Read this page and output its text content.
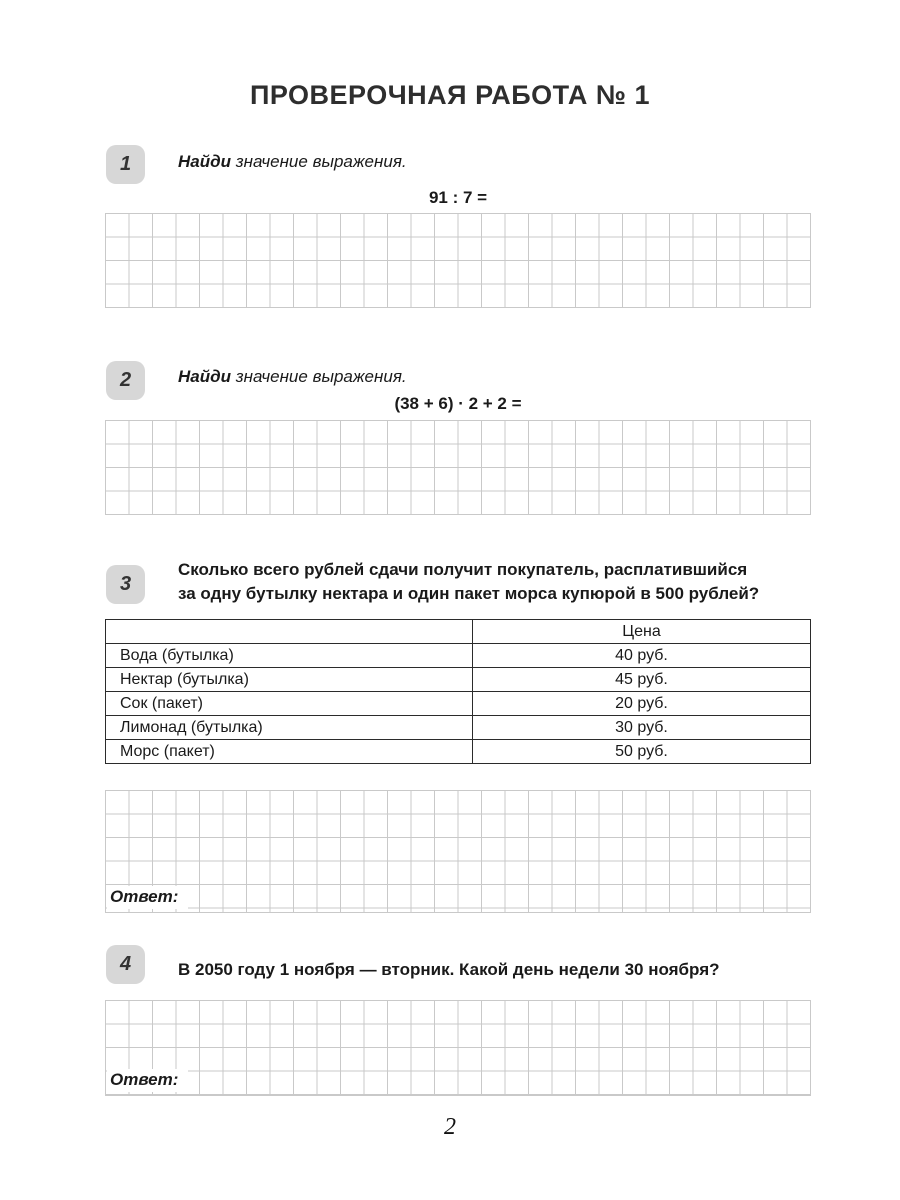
ПРОВЕРОЧНАЯ РАБОТА № 1
1	Найди значение выражения.
91 : 7 =
2	Найди значение выражения.
(38 + 6) · 2 + 2 =
3
Сколько всего рублей сдачи получит покупатель, расплатившийся
за одну бутылку нектара и один пакет морса купюрой в 500 рублей?
	Цена
Вода (бутылка)	40 руб.
Нектар (бутылка)	45 руб.
Сок (пакет)	20 руб.
Лимонад (бутылка)	30 руб.
Морс (пакет)	50 руб.
Ответ:
4	В 2050 году 1 ноября — вторник. Какой день недели 30 ноября?
Ответ:
2
